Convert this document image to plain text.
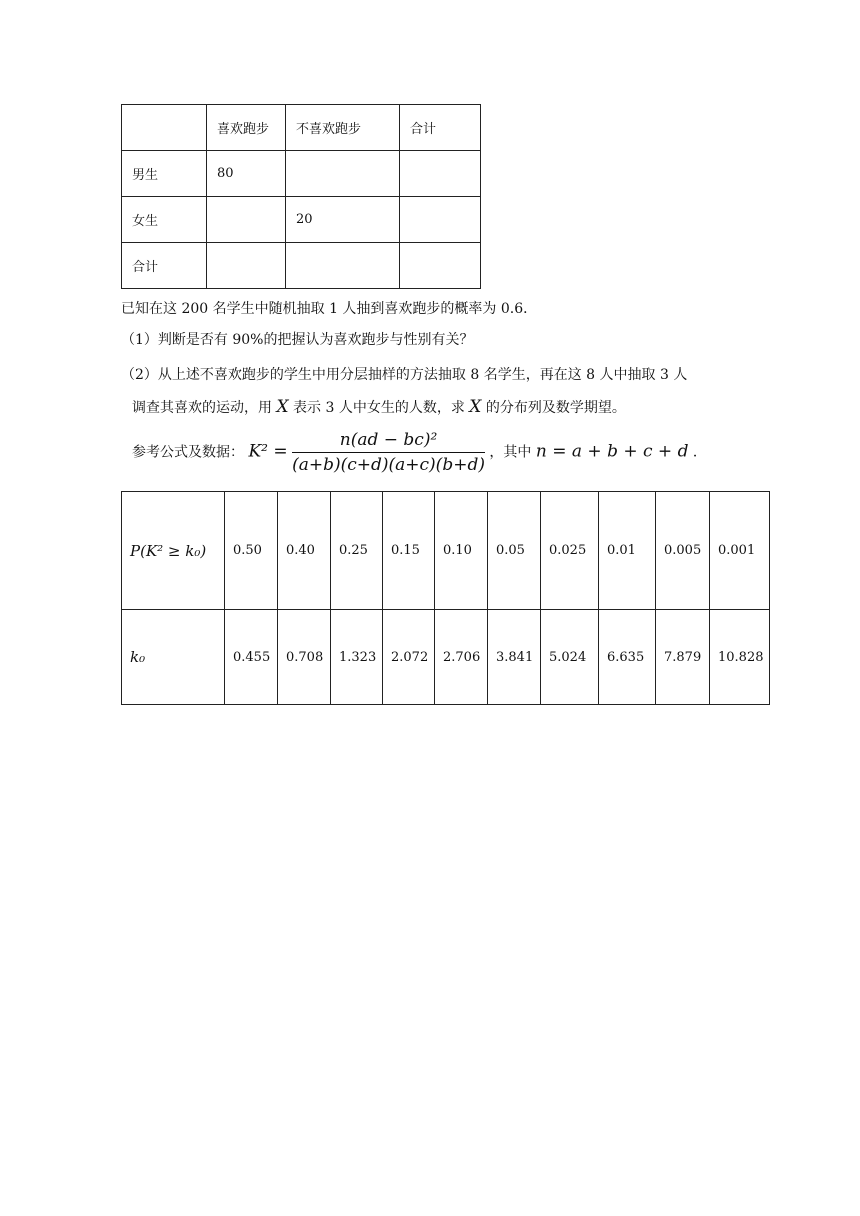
	喜欢跑步	不喜欢跑步	合计
男生	80		
女生		20	
合计			
已知在这 200 名学生中随机抽取 1 人抽到喜欢跑步的概率为 0.6．
（1）判断是否有 90%的把握认为喜欢跑步与性别有关？
（2）从上述不喜欢跑步的学生中用分层抽样的方法抽取 8 名学生，再在这 8 人中抽取 3 人
调查其喜欢的运动，用 X 表示 3 人中女生的人数，求 X 的分布列及数学期望。
参考公式及数据： $K^2 = \frac{\text{n(ad − bc)²}}{(a+b)(c+d)(a+c)(b+d)}$ ，其中 n = a + b + c + d ．
P(K² ≥ k₀)	0.50	0.40	0.25	0.15	0.10	0.05	0.025	0.01	0.005	0.001
k₀	0.455	0.708	1.323	2.072	2.706	3.841	5.024	6.635	7.879	10.828
